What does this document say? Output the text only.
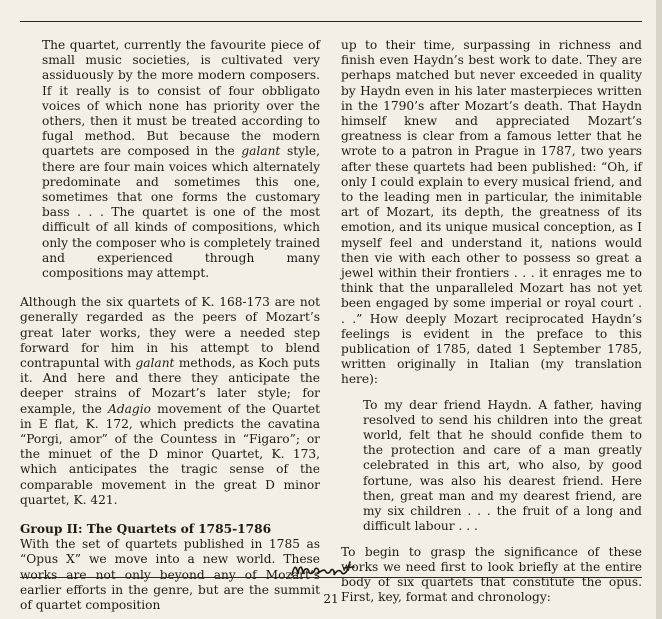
The quartet, currently the favourite piece of small music societies, is cultivated very assiduously by the more modern composers. If it really is to consist of four obbligato voices of which none has priority over the others, then it must be treated according to fugal method. But because the modern quartets are composed in the galant style, there are four main voices which alternately predominate and sometimes this one, sometimes that one forms the customary bass . . . The quartet is one of the most difficult of all kinds of compositions, which only the composer who is completely trained and experienced through many compositions may attempt.

Although the six quartets of K. 168-173 are not generally regarded as the peers of Mozart’s great later works, they were a needed step forward for him in his attempt to blend contrapuntal with galant methods, as Koch puts it. And here and there they anticipate the deeper strains of Mozart’s later style; for example, the Adagio movement of the Quartet in E flat, K. 172, which predicts the cavatina “Porgi, amor” of the Countess in “Figaro”; or the minuet of the D minor Quartet, K. 173, which anticipates the tragic sense of the comparable movement in the great D minor quartet, K. 421.

Group II: The Quartets of 1785-1786

With the set of quartets published in 1785 as “Opus X” we move into a new world. These works are not only beyond any of Mozart’s earlier efforts in the genre, but are the summit of quartet composition

up to their time, surpassing in richness and finish even Haydn’s best work to date. They are perhaps matched but never exceeded in quality by Haydn even in his later masterpieces written in the 1790’s after Mozart’s death. That Haydn himself knew and appreciated Mozart’s greatness is clear from a famous letter that he wrote to a patron in Prague in 1787, two years after these quartets had been published: “Oh, if only I could explain to every musical friend, and to the leading men in particular, the inimitable art of Mozart, its depth, the greatness of its emotion, and its unique musical conception, as I myself feel and understand it, nations would then vie with each other to possess so great a jewel within their frontiers . . . it enrages me to think that the unparalleled Mozart has not yet been engaged by some imperial or royal court . . .” How deeply Mozart reciprocated Haydn’s feelings is evident in the preface to this publication of 1785, dated 1 September 1785, written originally in Italian (my translation here):

To my dear friend Haydn. A father, having resolved to send his children into the great world, felt that he should confide them to the protection and care of a man greatly celebrated in this art, who also, by good fortune, was also his dearest friend. Here then, great man and my dearest friend, are my six children . . . the fruit of a long and difficult labour . . .

To begin to grasp the significance of these works we need first to look briefly at the entire body of six quartets that constitute the opus. First, key, format and chronology:

21
